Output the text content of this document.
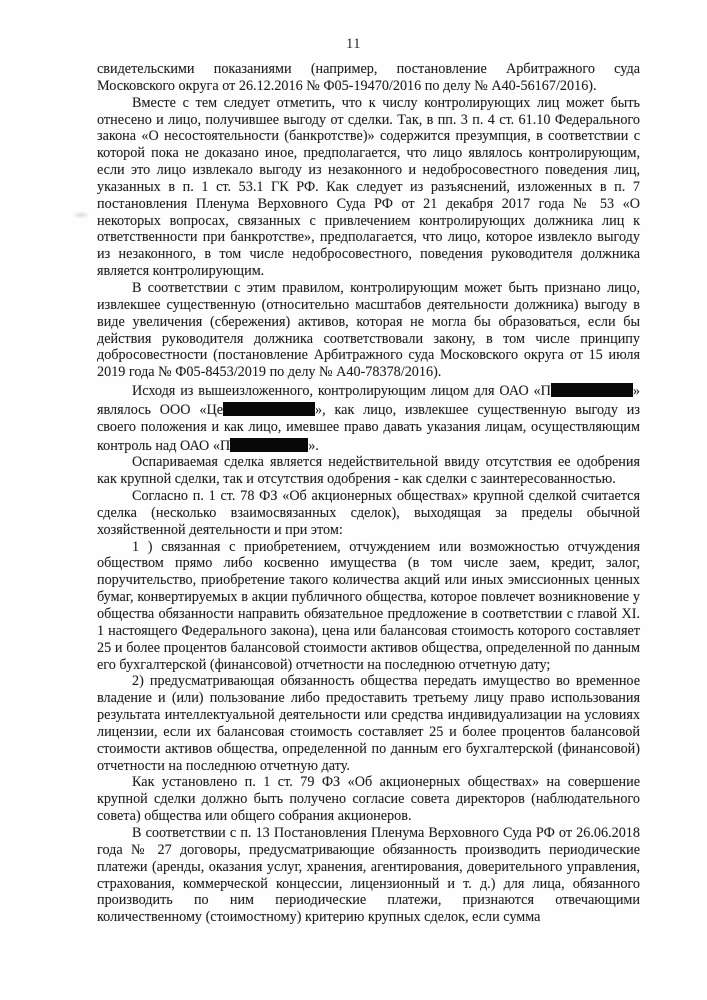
11

свидетельскими показаниями (например, постановление Арбитражного суда Московского округа от 26.12.2016 № Ф05-19470/2016 по делу № А40-56167/2016).

Вместе с тем следует отметить, что к числу контролирующих лиц может быть отнесено и лицо, получившее выгоду от сделки. Так, в пп. 3 п. 4 ст. 61.10 Федерального закона «О несостоятельности (банкротстве)» содержится презумпция, в соответствии с которой пока не доказано иное, предполагается, что лицо являлось контролирующим, если это лицо извлекало выгоду из незаконного и недобросовестного поведения лиц, указанных в п. 1 ст. 53.1 ГК РФ. Как следует из разъяснений, изложенных в п. 7 постановления Пленума Верховного Суда РФ от 21 декабря 2017 года № 53 «О некоторых вопросах, связанных с привлечением контролирующих должника лиц к ответственности при банкротстве», предполагается, что лицо, которое извлекло выгоду из незаконного, в том числе недобросовестного, поведения руководителя должника является контролирующим.

В соответствии с этим правилом, контролирующим может быть признано лицо, извлекшее существенную (относительно масштабов деятельности должника) выгоду в виде увеличения (сбережения) активов, которая не могла бы образоваться, если бы действия руководителя должника соответствовали закону, в том числе принципу добросовестности (постановление Арбитражного суда Московского округа от 15 июля 2019 года № Ф05-8453/2019 по делу № А40-78378/2016).

Исходя из вышеизложенного, контролирующим лицом для ОАО «П	» являлось ООО «Це	», как лицо, извлекшее существенную выгоду из своего положения и как лицо, имевшее право давать указания лицам, осуществляющим контроль над ОАО «П	».

Оспариваемая сделка является недействительной ввиду отсутствия ее одобрения как крупной сделки, так и отсутствия одобрения - как сделки с заинтересованностью.

Согласно п. 1 ст. 78 ФЗ «Об акционерных обществах» крупной сделкой считается сделка (несколько взаимосвязанных сделок), выходящая за пределы обычной хозяйственной деятельности и при этом:

1 ) связанная с приобретением, отчуждением или возможностью отчуждения обществом прямо либо косвенно имущества (в том числе заем, кредит, залог, поручительство, приобретение такого количества акций или иных эмиссионных ценных бумаг, конвертируемых в акции публичного общества, которое повлечет возникновение у общества обязанности направить обязательное предложение в соответствии с главой XI. 1 настоящего Федерального закона), цена или балансовая стоимость которого составляет 25 и более процентов балансовой стоимости активов общества, определенной по данным его бухгалтерской (финансовой) отчетности на последнюю отчетную дату;

2) предусматривающая обязанность общества передать имущество во временное владение и (или) пользование либо предоставить третьему лицу право использования результата интеллектуальной деятельности или средства индивидуализации на условиях лицензии, если их балансовая стоимость составляет 25 и более процентов балансовой стоимости активов общества, определенной по данным его бухгалтерской (финансовой) отчетности на последнюю отчетную дату.

Как установлено п. 1 ст. 79 ФЗ «Об акционерных обществах» на совершение крупной сделки должно быть получено согласие совета директоров (наблюдательного совета) общества или общего собрания акционеров.

В соответствии с п. 13 Постановления Пленума Верховного Суда РФ от 26.06.2018 года № 27 договоры, предусматривающие обязанность производить периодические платежи (аренды, оказания услуг, хранения, агентирования, доверительного управления, страхования, коммерческой концессии, лицензионный и т. д.) для лица, обязанного производить по ним периодические платежи, признаются отвечающими количественному (стоимостному) критерию крупных сделок, если сумма
